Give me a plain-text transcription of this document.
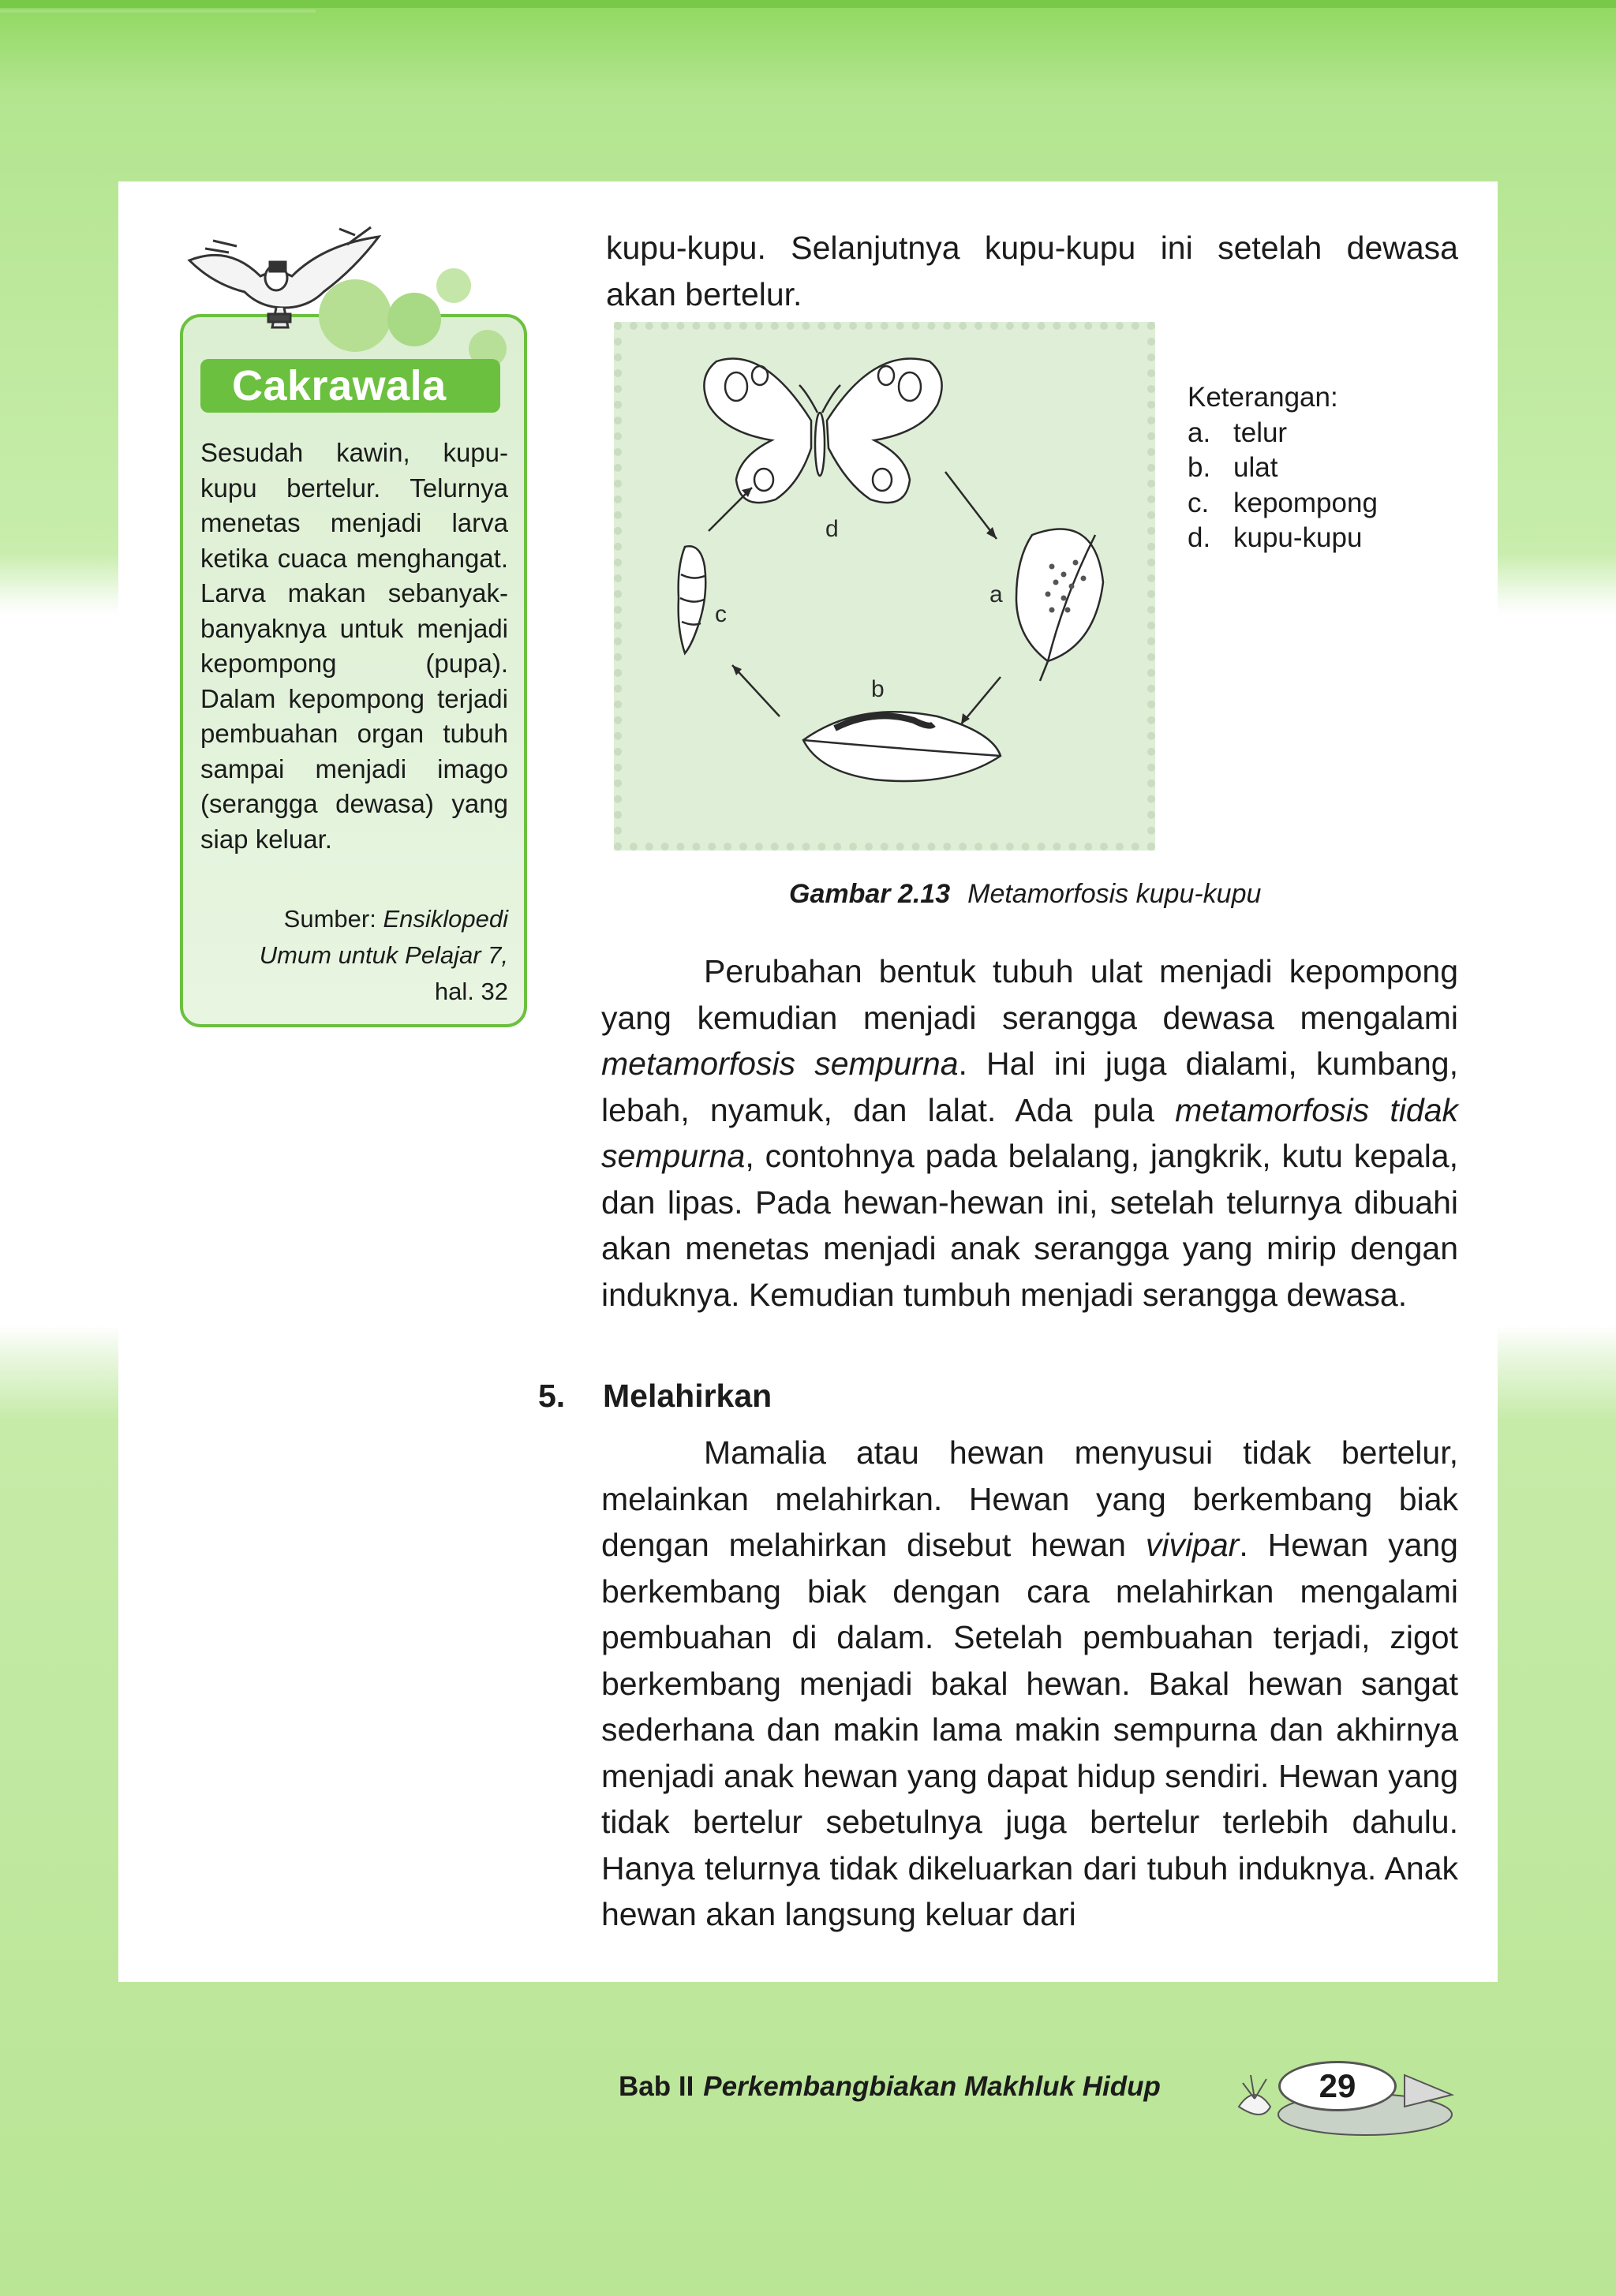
Cakrawala
Sesudah kawin, kupu-kupu bertelur. Telurnya menetas menjadi larva ketika cuaca menghangat. Larva makan sebanyak-banyaknya untuk menjadi kepompong (pupa). Dalam kepompong terjadi pembuahan organ tubuh sampai menjadi imago (serangga dewasa) yang siap keluar.
Sumber: Ensiklopedi
Umum untuk Pelajar 7,
hal. 32
kupu-kupu. Selanjutnya kupu-kupu ini setelah dewasa akan bertelur.
a
b
c
d
Keterangan:
a. telur
b. ulat
c. kepompong
d. kupu-kupu
Gambar 2.13 Metamorfosis kupu-kupu
Perubahan bentuk tubuh ulat menjadi kepompong yang kemudian menjadi serangga dewasa mengalami metamorfosis sempurna. Hal ini juga dialami, kumbang, lebah, nyamuk, dan lalat. Ada pula metamorfosis tidak sempurna, contohnya pada belalang, jangkrik, kutu kepala, dan lipas. Pada hewan-hewan ini, setelah telurnya dibuahi akan menetas menjadi anak serangga yang mirip dengan induknya. Kemudian tumbuh menjadi serangga dewasa.
5. Melahirkan
Mamalia atau hewan menyusui tidak bertelur, melainkan melahirkan. Hewan yang berkembang biak dengan melahirkan disebut hewan vivipar. Hewan yang berkembang biak dengan cara melahirkan mengalami pembuahan di dalam. Setelah pembuahan terjadi, zigot berkembang menjadi bakal hewan. Bakal hewan sangat sederhana dan makin lama makin sempurna dan akhirnya menjadi anak hewan yang dapat hidup sendiri. Hewan yang tidak bertelur sebetulnya juga bertelur terlebih dahulu. Hanya telurnya tidak dikeluarkan dari tubuh induknya. Anak hewan akan langsung keluar dari
Bab II Perkembangbiakan Makhluk Hidup	29
